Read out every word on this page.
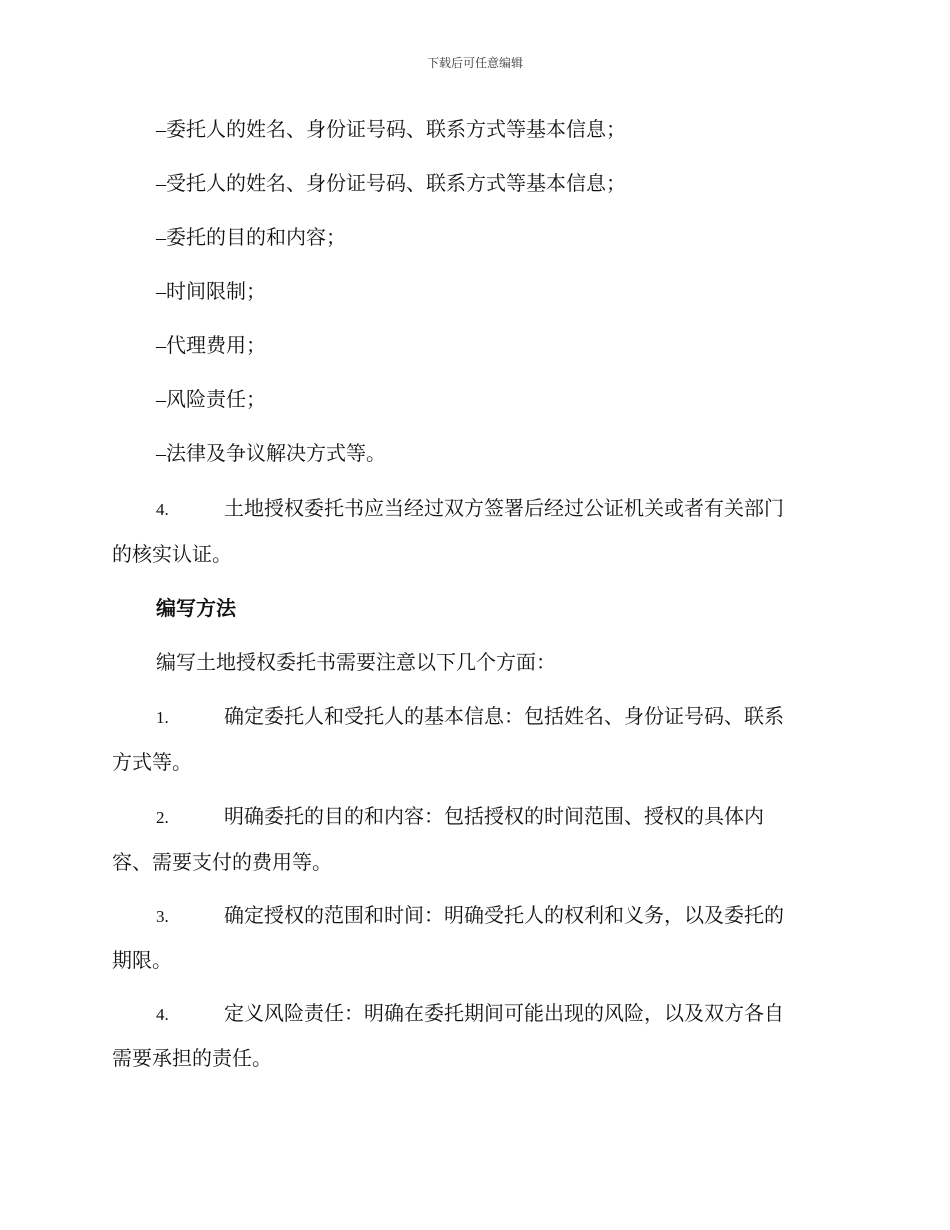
下载后可任意编辑
–委托人的姓名、身份证号码、联系方式等基本信息；
–受托人的姓名、身份证号码、联系方式等基本信息；
–委托的目的和内容；
–时间限制；
–代理费用；
–风险责任；
–法律及争议解决方式等。
4.	土地授权委托书应当经过双方签署后经过公证机关或者有关部门
的核实认证。
编写方法
编写土地授权委托书需要注意以下几个方面：
1.	确定委托人和受托人的基本信息：包括姓名、身份证号码、联系
方式等。
2.	明确委托的目的和内容：包括授权的时间范围、授权的具体内
容、需要支付的费用等。
3.	确定授权的范围和时间：明确受托人的权利和义务，以及委托的
期限。
4.	定义风险责任：明确在委托期间可能出现的风险，以及双方各自
需要承担的责任。
